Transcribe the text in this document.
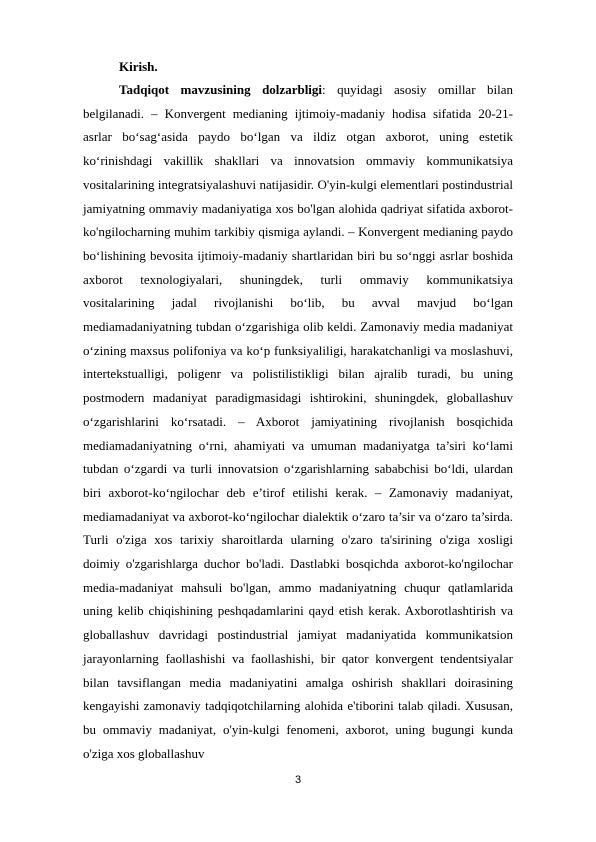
Kirish.

Tadqiqot mavzusining dolzarbligi: quyidagi asosiy omillar bilan belgilanadi. – Konvergent medianing ijtimoiy-madaniy hodisa sifatida 20-21-asrlar bo‘sag‘asida paydo bo‘lgan va ildiz otgan axborot, uning estetik ko‘rinishdagi vakillik shakllari va innovatsion ommaviy kommunikatsiya vositalarining integratsiyalashuvi natijasidir. O'yin-kulgi elementlari postindustrial jamiyatning ommaviy madaniyatiga xos bo'lgan alohida qadriyat sifatida axborot-ko'ngilocharning muhim tarkibiy qismiga aylandi. – Konvergent medianing paydo bo‘lishining bevosita ijtimoiy-madaniy shartlaridan biri bu so‘nggi asrlar boshida axborot texnologiyalari, shuningdek, turli ommaviy kommunikatsiya vositalarining jadal rivojlanishi bo‘lib, bu avval mavjud bo‘lgan mediamadaniyatning tubdan o‘zgarishiga olib keldi. Zamonaviy media madaniyat o‘zining maxsus polifoniya va ko‘p funksiyaliligi, harakatchanligi va moslashuvi, intertekstualligi, poligenr va polistilistikligi bilan ajralib turadi, bu uning postmodern madaniyat paradigmasidagi ishtirokini, shuningdek, globallashuv o‘zgarishlarini ko‘rsatadi. – Axborot jamiyatining rivojlanish bosqichida mediamadaniyatning o‘rni, ahamiyati va umuman madaniyatga ta’siri ko‘lami tubdan o‘zgardi va turli innovatsion o‘zgarishlarning sababchisi bo‘ldi, ulardan biri axborot-ko‘ngilochar deb e’tirof etilishi kerak. – Zamonaviy madaniyat, mediamadaniyat va axborot-ko‘ngilochar dialektik o‘zaro ta’sir va o‘zaro ta’sirda. Turli o'ziga xos tarixiy sharoitlarda ularning o'zaro ta'sirining o'ziga xosligi doimiy o'zgarishlarga duchor bo'ladi. Dastlabki bosqichda axborot-ko'ngilochar media-madaniyat mahsuli bo'lgan, ammo madaniyatning chuqur qatlamlarida uning kelib chiqishining peshqadamlarini qayd etish kerak. Axborotlashtirish va globallashuv davridagi postindustrial jamiyat madaniyatida kommunikatsion jarayonlarning faollashishi va faollashishi, bir qator konvergent tendentsiyalar bilan tavsiflangan media madaniyatini amalga oshirish shakllari doirasining kengayishi zamonaviy tadqiqotchilarning alohida e'tiborini talab qiladi. Xususan, bu ommaviy madaniyat, o'yin-kulgi fenomeni, axborot, uning bugungi kunda o'ziga xos globallashuv

3
